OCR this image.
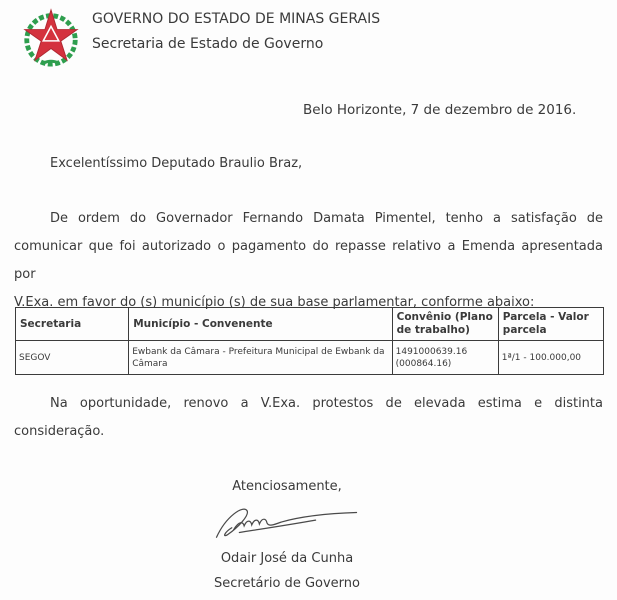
GOVERNO DO ESTADO DE MINAS GERAIS
Secretaria de Estado de Governo
Belo Horizonte, 7 de dezembro de 2016.
Excelentíssimo Deputado Braulio Braz,
De ordem do Governador Fernando Damata Pimentel, tenho a satisfação de
comunicar que foi autorizado o pagamento do repasse relativo a Emenda apresentada por
V.Exa. em favor do (s) município (s) de sua base parlamentar, conforme abaixo:
Secretaria	Município - Convenente	Convênio (Plano de trabalho)	Parcela - Valor parcela
SEGOV	Ewbank da Câmara - Prefeitura Municipal de Ewbank da Câmara	1491000639.16 (000864.16)	1ª/1 - 100.000,00
Na oportunidade, renovo a V.Exa. protestos de elevada estima e distinta
consideração.
Atenciosamente,
Odair José da Cunha
Secretário de Governo
